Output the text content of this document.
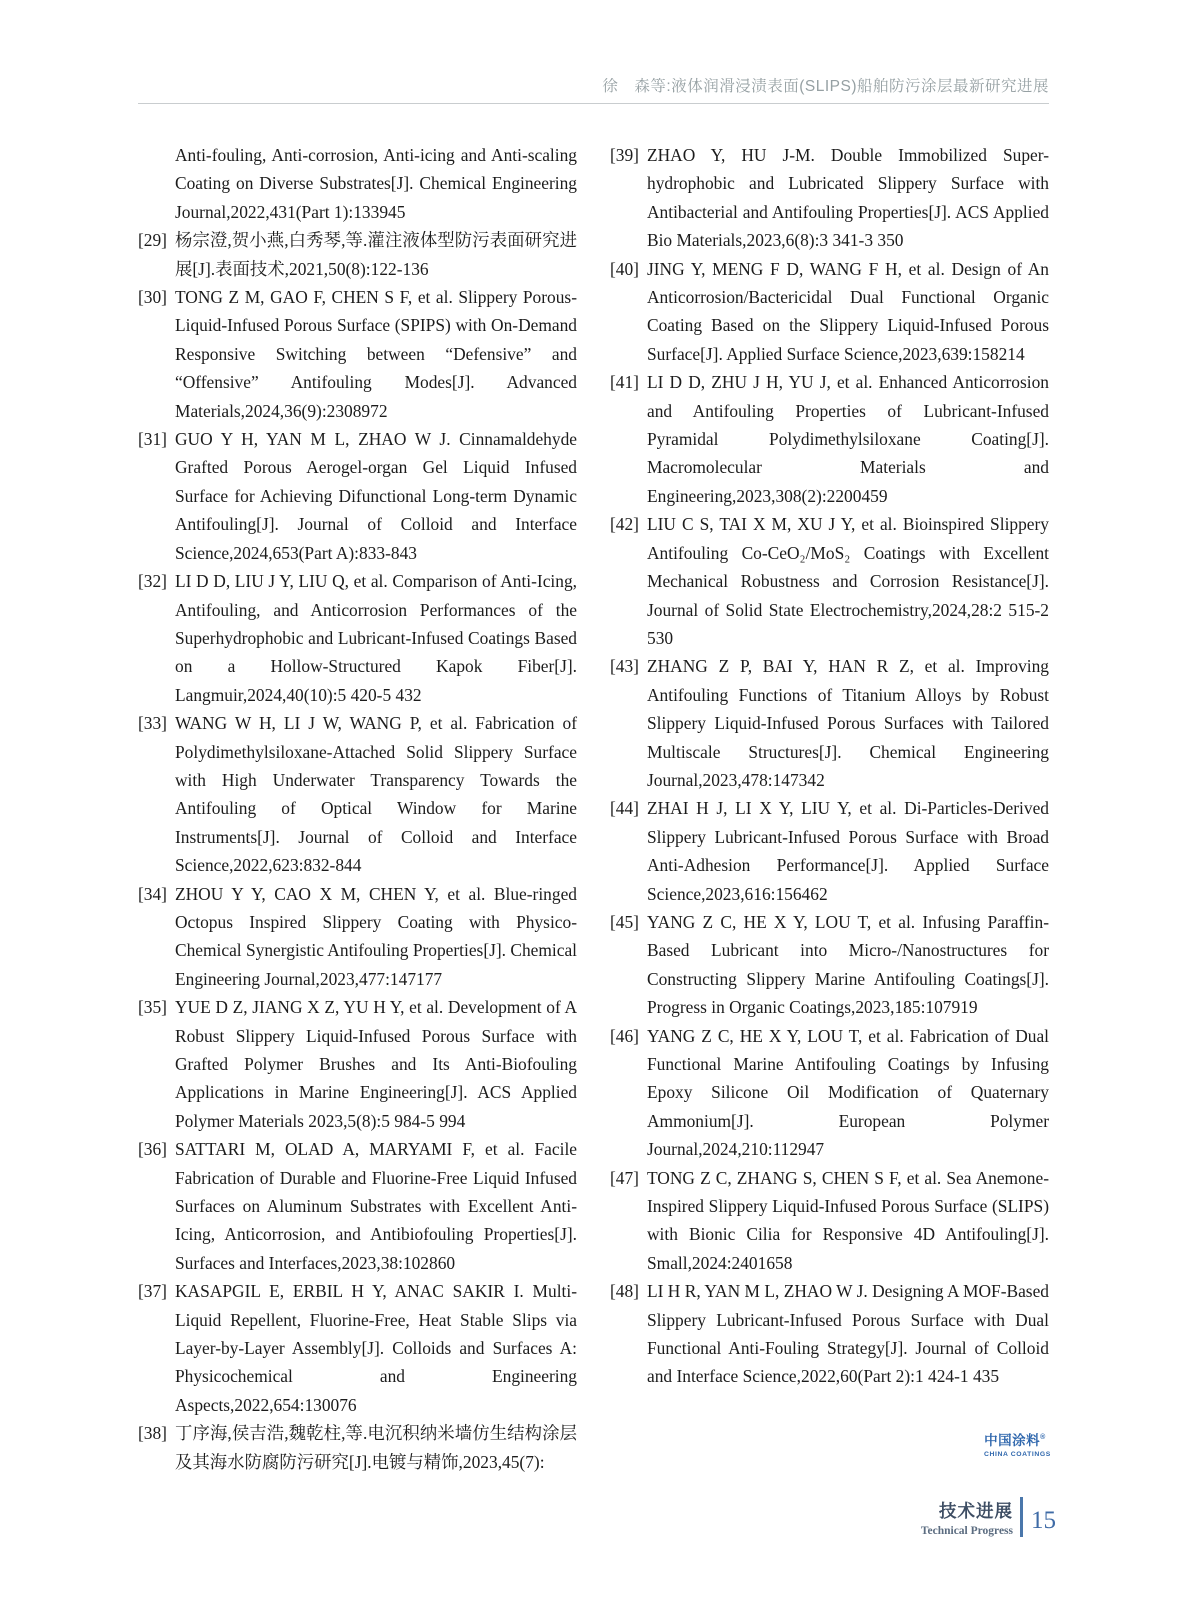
徐　森等:液体润滑浸渍表面(SLIPS)船舶防污涂层最新研究进展
Anti-fouling, Anti-corrosion, Anti-icing and Anti-scaling Coating on Diverse Substrates[J]. Chemical Engineering Journal,2022,431(Part 1):133945
[29] 杨宗澄,贺小燕,白秀琴,等.灌注液体型防污表面研究进展[J].表面技术,2021,50(8):122-136
[30] TONG Z M, GAO F, CHEN S F, et al. Slippery Porous-Liquid-Infused Porous Surface (SPIPS) with On-Demand Responsive Switching between “Defensive” and “Offensive” Antifouling Modes[J]. Advanced Materials,2024,36(9):2308972
[31] GUO Y H, YAN M L, ZHAO W J. Cinnamaldehyde Grafted Porous Aerogel-organ Gel Liquid Infused Surface for Achieving Difunctional Long-term Dynamic Antifouling[J]. Journal of Colloid and Interface Science,2024,653(Part A):833-843
[32] LI D D, LIU J Y, LIU Q, et al. Comparison of Anti-Icing, Antifouling, and Anticorrosion Performances of the Superhydrophobic and Lubricant-Infused Coatings Based on a Hollow-Structured Kapok Fiber[J]. Langmuir,2024,40(10):5 420-5 432
[33] WANG W H, LI J W, WANG P, et al. Fabrication of Polydimethylsiloxane-Attached Solid Slippery Surface with High Underwater Transparency Towards the Antifouling of Optical Window for Marine Instruments[J]. Journal of Colloid and Interface Science,2022,623:832-844
[34] ZHOU Y Y, CAO X M, CHEN Y, et al. Blue-ringed Octopus Inspired Slippery Coating with Physico-Chemical Synergistic Antifouling Properties[J]. Chemical Engineering Journal,2023,477:147177
[35] YUE D Z, JIANG X Z, YU H Y, et al. Development of A Robust Slippery Liquid-Infused Porous Surface with Grafted Polymer Brushes and Its Anti-Biofouling Applications in Marine Engineering[J]. ACS Applied Polymer Materials 2023,5(8):5 984-5 994
[36] SATTARI M, OLAD A, MARYAMI F, et al. Facile Fabrication of Durable and Fluorine-Free Liquid Infused Surfaces on Aluminum Substrates with Excellent Anti-Icing, Anticorrosion, and Antibiofouling Properties[J]. Surfaces and Interfaces,2023,38:102860
[37] KASAPGIL E, ERBIL H Y, ANAC SAKIR I. Multi-Liquid Repellent, Fluorine-Free, Heat Stable Slips via Layer-by-Layer Assembly[J]. Colloids and Surfaces A: Physicochemical and Engineering Aspects,2022,654:130076
[38] 丁序海,侯吉浩,魏乾柱,等.电沉积纳米墙仿生结构涂层及其海水防腐防污研究[J].电镀与精饰,2023,45(7):
[39] ZHAO Y, HU J-M. Double Immobilized Super-hydrophobic and Lubricated Slippery Surface with Antibacterial and Antifouling Properties[J]. ACS Applied Bio Materials,2023,6(8):3 341-3 350
[40] JING Y, MENG F D, WANG F H, et al. Design of An Anticorrosion/Bactericidal Dual Functional Organic Coating Based on the Slippery Liquid-Infused Porous Surface[J]. Applied Surface Science,2023,639:158214
[41] LI D D, ZHU J H, YU J, et al. Enhanced Anticorrosion and Antifouling Properties of Lubricant-Infused Pyramidal Polydimethylsiloxane Coating[J]. Macromolecular Materials and Engineering,2023,308(2):2200459
[42] LIU C S, TAI X M, XU J Y, et al. Bioinspired Slippery Antifouling Co-CeO₂/MoS₂ Coatings with Excellent Mechanical Robustness and Corrosion Resistance[J]. Journal of Solid State Electrochemistry,2024,28:2 515-2 530
[43] ZHANG Z P, BAI Y, HAN R Z, et al. Improving Antifouling Functions of Titanium Alloys by Robust Slippery Liquid-Infused Porous Surfaces with Tailored Multiscale Structures[J]. Chemical Engineering Journal,2023,478:147342
[44] ZHAI H J, LI X Y, LIU Y, et al. Di-Particles-Derived Slippery Lubricant-Infused Porous Surface with Broad Anti-Adhesion Performance[J]. Applied Surface Science,2023,616:156462
[45] YANG Z C, HE X Y, LOU T, et al. Infusing Paraffin-Based Lubricant into Micro-/Nanostructures for Constructing Slippery Marine Antifouling Coatings[J]. Progress in Organic Coatings,2023,185:107919
[46] YANG Z C, HE X Y, LOU T, et al. Fabrication of Dual Functional Marine Antifouling Coatings by Infusing Epoxy Silicone Oil Modification of Quaternary Ammonium[J]. European Polymer Journal,2024,210:112947
[47] TONG Z C, ZHANG S, CHEN S F, et al. Sea Anemone-Inspired Slippery Liquid-Infused Porous Surface (SLIPS) with Bionic Cilia for Responsive 4D Antifouling[J]. Small,2024:2401658
[48] LI H R, YAN M L, ZHAO W J. Designing A MOF-Based Slippery Lubricant-Infused Porous Surface with Dual Functional Anti-Fouling Strategy[J]. Journal of Colloid and Interface Science,2022,60(Part 2):1 424-1 435
中国涂料®
CHINA COATINGS
技术进展
Technical Progress 15
